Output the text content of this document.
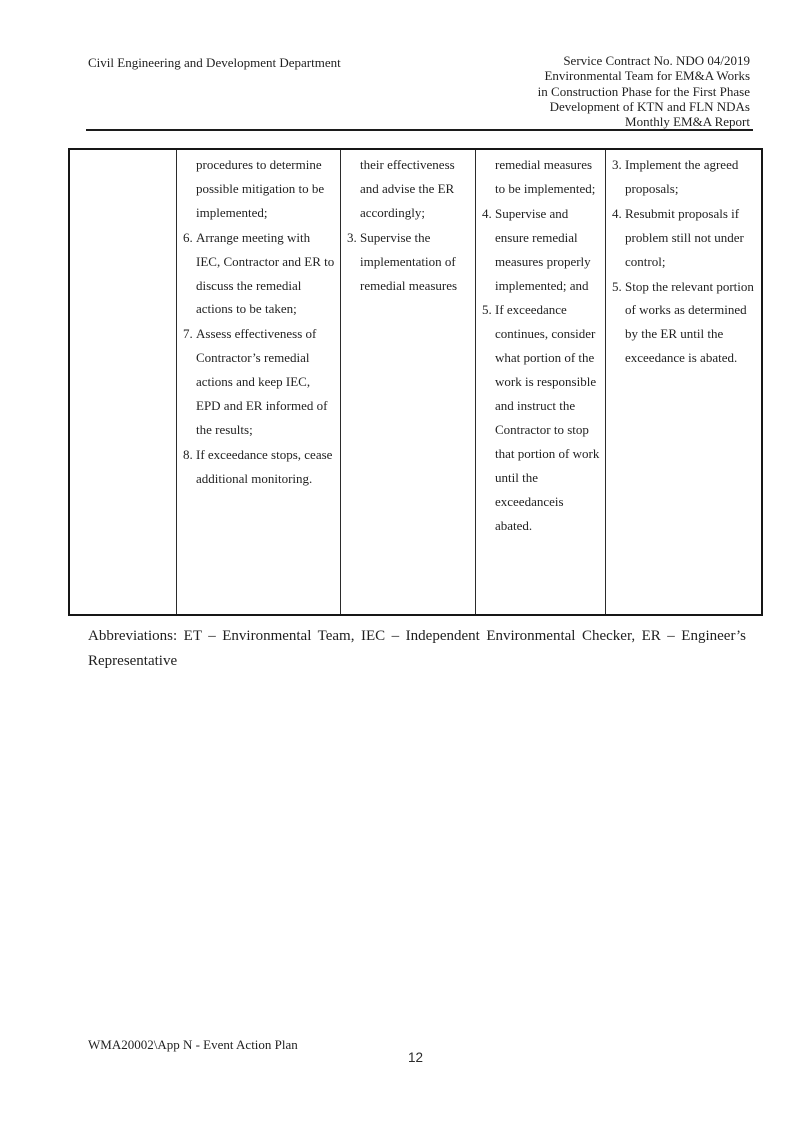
Civil Engineering and Development Department	Service Contract No. NDO 04/2019
Environmental Team for EM&A Works
in Construction Phase for the First Phase
Development of KTN and FLN NDAs
Monthly EM&A Report
procedures to determine possible mitigation to be implemented;
6. Arrange meeting with IEC, Contractor and ER to discuss the remedial actions to be taken;
7. Assess effectiveness of Contractor’s remedial actions and keep IEC, EPD and ER informed of the results;
8. If exceedance stops, cease additional monitoring.
their effectiveness and advise the ER accordingly;
3. Supervise the implementation of remedial measures
remedial measures to be implemented;
4. Supervise and ensure remedial measures properly implemented; and
5. If exceedance continues, consider what portion of the work is responsible and instruct the Contractor to stop that portion of work until the exceedanceis abated.
3. Implement the agreed proposals;
4. Resubmit proposals if problem still not under control;
5. Stop the relevant portion of works as determined by the ER until the exceedance is abated.
Abbreviations: ET – Environmental Team, IEC – Independent Environmental Checker, ER – Engineer’s Representative
WMA20002\App N - Event Action Plan
12
